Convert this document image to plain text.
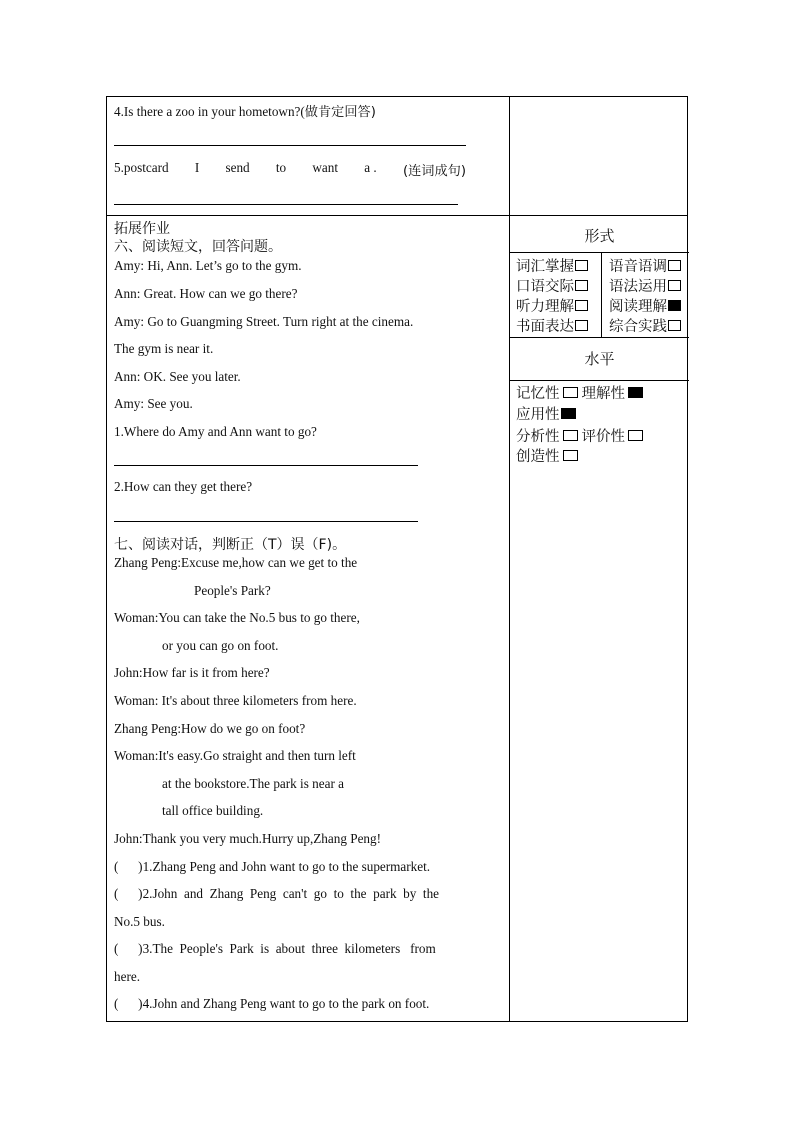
4.Is there a zoo in your hometown?(做肯定回答)
5.postcard I send to want a . (连词成句)
拓展作业
六、阅读短文，回答问题。
Amy: Hi, Ann. Let’s go to the gym.
Ann: Great. How can we go there?
Amy: Go to Guangming Street. Turn right at the cinema.
The gym is near it.
Ann: OK. See you later.
Amy: See you.
1.Where do Amy and Ann want to go?
2.How can they get there?
七、阅读对话，判断正（T）误（F)。
Zhang Peng:Excuse me,how can we get to the
People's Park?
Woman:You can take the No.5 bus to go there,
or you can go on foot.
John:How far is it from here?
Woman: It's about three kilometers from here.
Zhang Peng:How do we go on foot?
Woman:It's easy.Go straight and then turn left
at the bookstore.The park is near a
tall office building.
John:Thank you very much.Hurry up,Zhang Peng!
(      )1.Zhang Peng and John want to go to the supermarket.
(      )2.John  and  Zhang  Peng  can't  go  to  the  park  by  the
No.5 bus.
(      )3.The  People's  Park  is  about  three  kilometers   from
here.
(      )4.John and Zhang Peng want to go to the park on foot.
形式
词汇掌握 语音语调
口语交际 语法运用
听力理解 阅读理解
书面表达 综合实践
水平
记忆性 理解性
应用性
分析性 评价性
创造性
